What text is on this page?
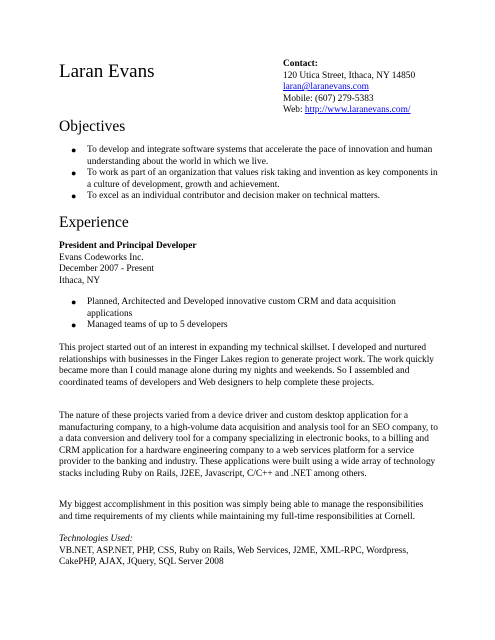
Laran Evans	Contact:
120 Utica Street, Ithaca, NY 14850
laran@laranevans.com
Mobile: (607) 279-5383
Web: http://www.laranevans.com/
Objectives
● To develop and integrate software systems that accelerate the pace of innovation and human understanding about the world in which we live.
● To work as part of an organization that values risk taking and invention as key components in a culture of development, growth and achievement.
● To excel as an individual contributor and decision maker on technical matters.
Experience
President and Principal Developer
Evans Codeworks Inc.
December 2007 - Present
Ithaca, NY
● Planned, Architected and Developed innovative custom CRM and data acquisition applications
● Managed teams of up to 5 developers

This project started out of an interest in expanding my technical skillset. I developed and nurtured relationships with businesses in the Finger Lakes region to generate project work. The work quickly became more than I could manage alone during my nights and weekends. So I assembled and coordinated teams of developers and Web designers to help complete these projects.

The nature of these projects varied from a device driver and custom desktop application for a manufacturing company, to a high-volume data acquisition and analysis tool for an SEO company, to a data conversion and delivery tool for a company specializing in electronic books, to a billing and CRM application for a hardware engineering company to a web services platform for a service provider to the banking and industry. These applications were built using a wide array of technology stacks including Ruby on Rails, J2EE, Javascript, C/C++ and .NET among others.

My biggest accomplishment in this position was simply being able to manage the responsibilities and time requirements of my clients while maintaining my full-time responsibilities at Cornell.

Technologies Used:
VB.NET, ASP.NET, PHP, CSS, Ruby on Rails, Web Services, J2ME, XML-RPC, Wordpress, CakePHP, AJAX, JQuery, SQL Server 2008
